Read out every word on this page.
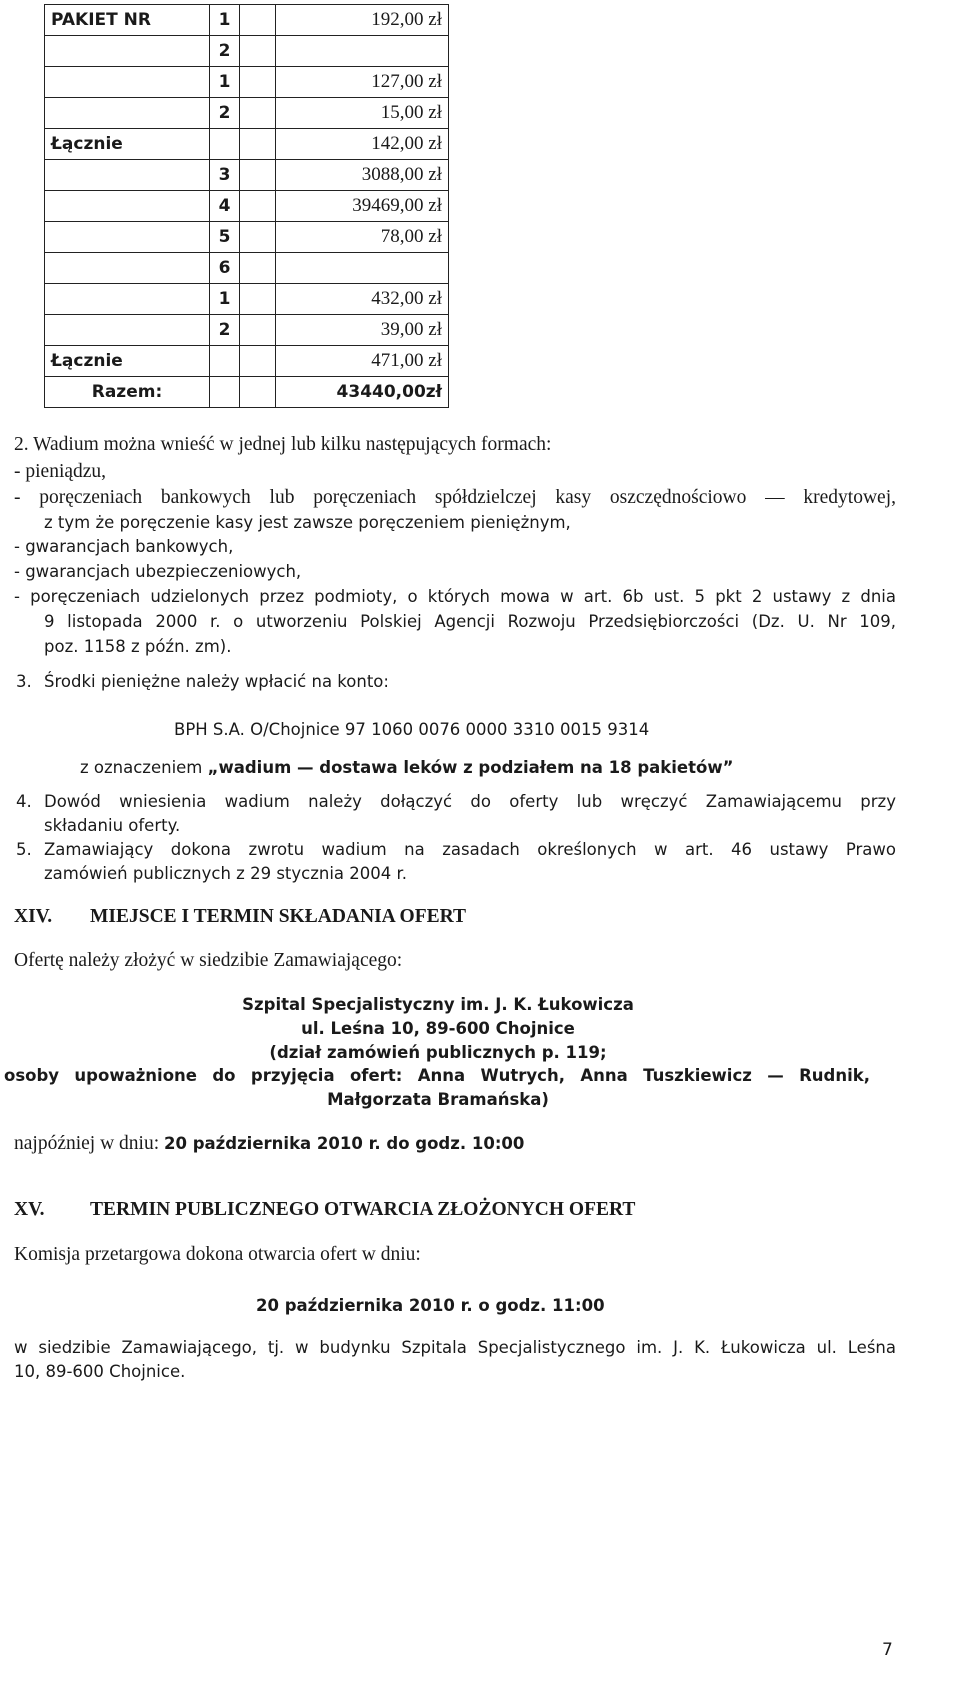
PAKIET NR	1		192,00 zł
	2		
	1		127,00 zł
	2		15,00 zł
Łącznie			142,00 zł
	3		3088,00 zł
	4		39469,00 zł
	5		78,00 zł
	6		
	1		432,00 zł
	2		39,00 zł
Łącznie			471,00 zł
Razem:			43440,00zł
2. Wadium można wnieść w jednej lub kilku następujących formach:
- pieniądzu,
- poręczeniach bankowych lub poręczeniach spółdzielczej kasy oszczędnościowo — kredytowej,
z tym że poręczenie kasy jest zawsze poręczeniem pieniężnym,
- gwarancjach bankowych,
- gwarancjach ubezpieczeniowych,
- poręczeniach udzielonych przez podmioty, o których mowa w art. 6b ust. 5 pkt 2 ustawy z dnia
9 listopada 2000 r. o utworzeniu Polskiej Agencji Rozwoju Przedsiębiorczości (Dz. U. Nr 109,
poz. 1158 z późn. zm).
3. Środki pieniężne należy wpłacić na konto:
BPH S.A. O/Chojnice 97 1060 0076 0000 3310 0015 9314
z oznaczeniem „wadium — dostawa leków z podziałem na 18 pakietów”
4. Dowód wniesienia wadium należy dołączyć do oferty lub wręczyć Zamawiającemu przy
składaniu oferty.
5. Zamawiający dokona zwrotu wadium na zasadach określonych w art. 46 ustawy Prawo
zamówień publicznych z 29 stycznia 2004 r.
XIV. MIEJSCE I TERMIN SKŁADANIA OFERT
Ofertę należy złożyć w siedzibie Zamawiającego:
Szpital Specjalistyczny im. J. K. Łukowicza
ul. Leśna 10, 89-600 Chojnice
(dział zamówień publicznych p. 119;
osoby upoważnione do przyjęcia ofert: Anna Wutrych, Anna Tuszkiewicz — Rudnik,
Małgorzata Bramańska)
najpóźniej w dniu: 20 października 2010 r. do godz. 10:00
XV. TERMIN PUBLICZNEGO OTWARCIA ZŁOŻONYCH OFERT
Komisja przetargowa dokona otwarcia ofert w dniu:
20 października 2010 r. o godz. 11:00
w siedzibie Zamawiającego, tj. w budynku Szpitala Specjalistycznego im. J. K. Łukowicza ul. Leśna
10, 89-600 Chojnice.
7
